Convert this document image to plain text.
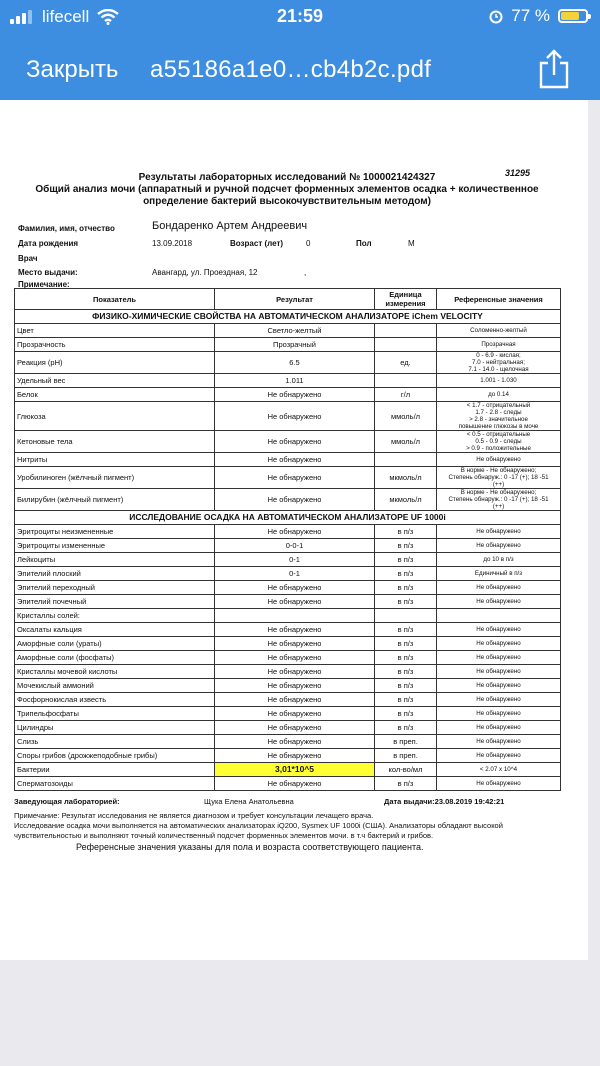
lifecell	21:59	77 %
Закрыть a55186a1e0…cb4b2c.pdf
Результаты лабораторных исследований № 1000021424327	31295
Общий анализ мочи (аппаратный и ручной подсчет форменных элементов осадка + количественное
определение бактерий высокочувствительным методом)
Фамилия, имя, отчество	Бондаренко Артем Андреевич
Дата рождения	13.09.2018	Возраст (лет)	0	Пол	М
Врач
Место выдачи:	Авангард, ул. Проездная, 12	,
Примечание:
Показатель	Результат	Единица измерения	Референсные значения
ФИЗИКО-ХИМИЧЕСКИЕ СВОЙСТВА НА АВТОМАТИЧЕСКОМ АНАЛИЗАТОРЕ iChem VELOCITY			
Цвет	Светло-желтый		Соломенно-желтый
Прозрачность	Прозрачный		Прозрачная
Реакция (pH)	6.5	ед.	0 - 6.9 - кислая;
7.0 - нейтральная;
7.1 - 14.0 - щелочная
Удельный вес	1.011		1.001 - 1.030
Белок	Не обнаружено	г/л	до 0.14
Глюкоза	Не обнаружено	ммоль/л	< 1.7 - отрицательный
1.7 - 2.8 - следы
> 2.8 - значительное
повышение глюкозы в моче
Кетоновые тела	Не обнаружено	ммоль/л	< 0.5 - отрицательные
0.5 - 0.9 - следы
> 0.9 - положительные
Нитриты	Не обнаружено		Не обнаружено
Уробилиноген (жёлчный пигмент)	Не обнаружено	мкмоль/л	В норме - Не обнаружено;
Степень обнаруж.: 0 -17 (+); 18 -51
(++)
Билирубин (жёлчный пигмент)	Не обнаружено	мкмоль/л	В норме - Не обнаружено;
Степень обнаруж.: 0 -17 (+); 18 -51
(++)
ИССЛЕДОВАНИЕ ОСАДКА НА АВТОМАТИЧЕСКОМ АНАЛИЗАТОРЕ UF 1000i			
Эритроциты неизмененные	Не обнаружено	в п/з	Не обнаружено
Эритроциты измененные	0-0-1	в п/з	Не обнаружено
Лейкоциты	0-1	в п/з	до 10 в п/з
Эпителий плоский	0-1	в п/з	Единичный в п/з
Эпителий переходный	Не обнаружено	в п/з	Не обнаружено
Эпителий почечный	Не обнаружено	в п/з	Не обнаружено
Кристаллы солей:			
Оксалаты кальция	Не обнаружено	в п/з	Не обнаружено
Аморфные соли (ураты)	Не обнаружено	в п/з	Не обнаружено
Аморфные соли (фосфаты)	Не обнаружено	в п/з	Не обнаружено
Кристаллы мочевой кислоты	Не обнаружено	в п/з	Не обнаружено
Мочекислый аммоний	Не обнаружено	в п/з	Не обнаружено
Фосфорнокислая известь	Не обнаружено	в п/з	Не обнаружено
Трипельфосфаты	Не обнаружено	в п/з	Не обнаружено
Цилиндры	Не обнаружено	в п/з	Не обнаружено
Слизь	Не обнаружено	в преп.	Не обнаружено
Споры грибов (дрожжеподобные грибы)	Не обнаружено	в преп.	Не обнаружено
Бактерии	3,01*10^5	кол-во/мл	< 2.07 x 10^4
Сперматозоиды	Не обнаружено	в п/з	Не обнаружено
Заведующая лабораторией:	Щука Елена Анатольевна	Дата выдачи:23.08.2019 19:42:21
Примечание: Результат исследования не является диагнозом и требует консультации лечащего врача.
Исследование осадка мочи выполняется на автоматических анализаторах iQ200, Sysmex UF 1000i (США). Анализаторы обладают высокой чувствительностью и выполняют точный количественный подсчет форменных элементов мочи. в т.ч бактерий и грибов.
Референсные значения указаны для пола и возраста соответствующего пациента.
